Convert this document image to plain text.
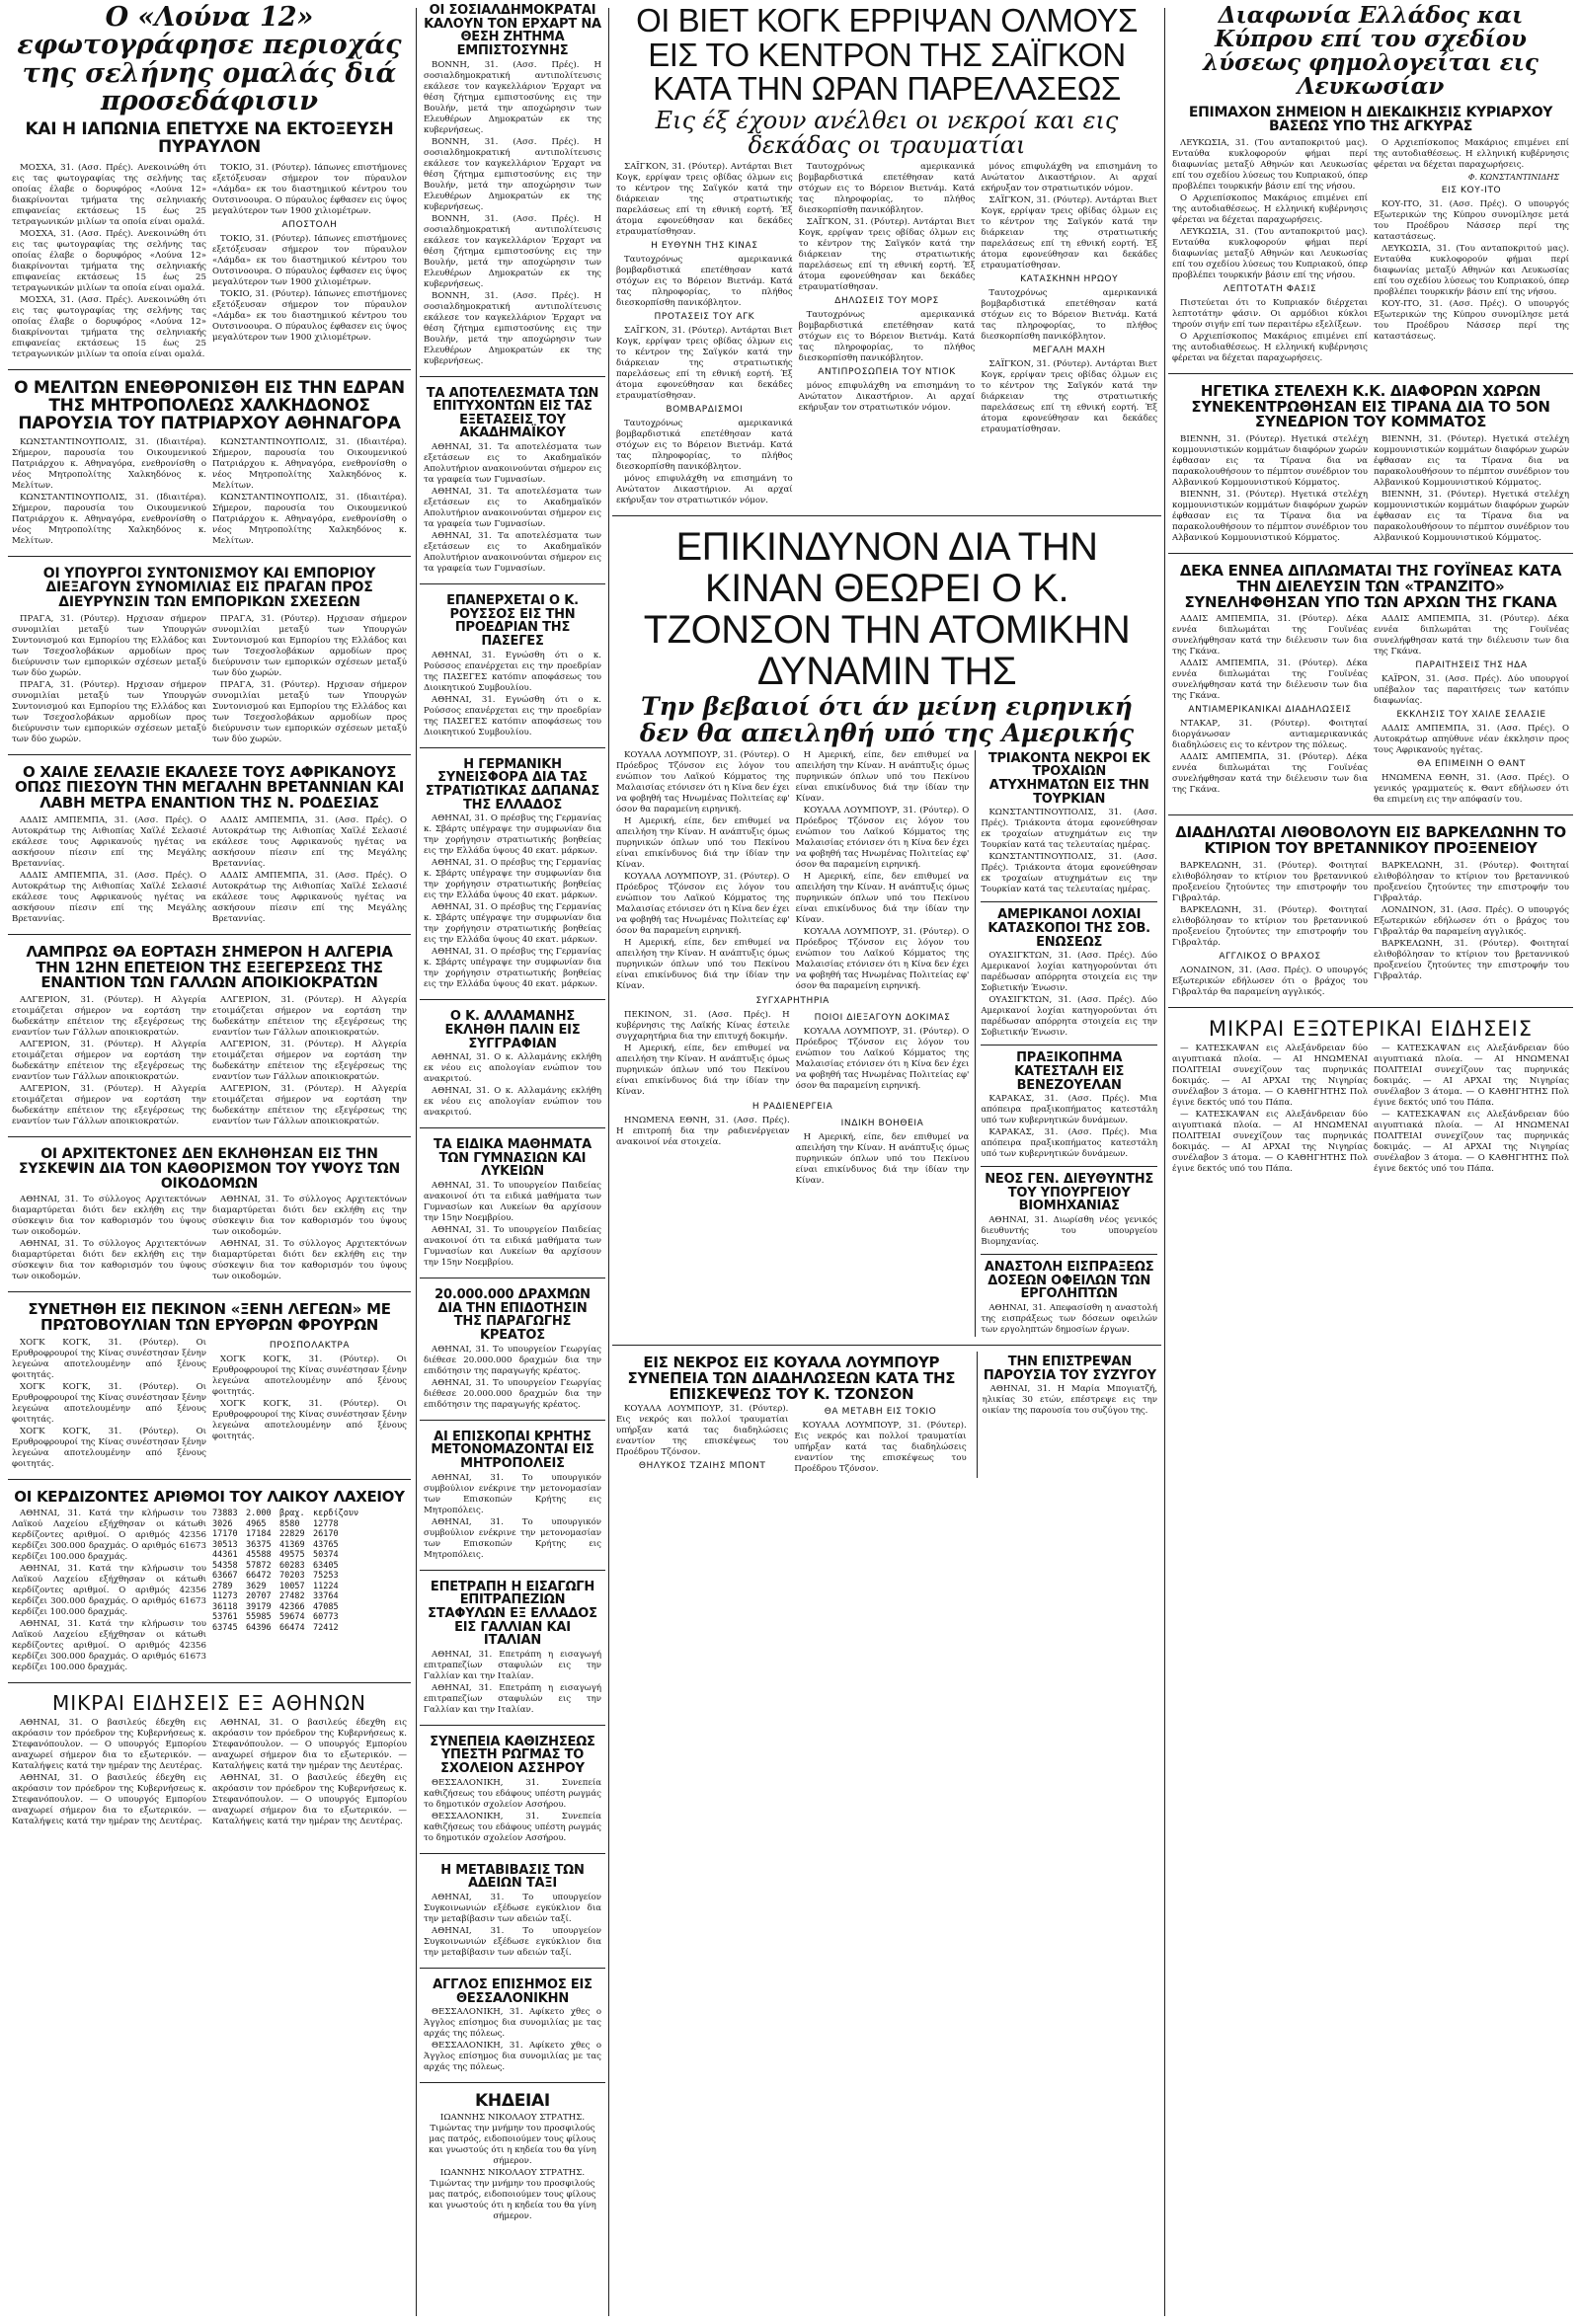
Ο «Λούνα 12» εφωτογράφησε περιοχάς της σελήνης ομαλάς διά προσεδάφισιν
ΚΑΙ Η ΙΑΠΩΝΙΑ ΕΠΕΤΥΧΕ ΝΑ ΕΚΤΟΞΕΥΣΗ ΠΥΡΑΥΛΟΝ

ΜΟΣΧΑ, 31. (Ασσ. Πρές). Ανεκοινώθη ότι εις τας φωτογραφίας της σελήνης τας οποίας έλαβε ο δορυφόρος «Λούνα 12» διακρίνονται τμήματα της σεληνιακής επιφανείας εκτάσεως 15 έως 25 τετραγωνικών μιλίων τα οποία είναι ομαλά.

ΜΟΣΧΑ, 31. (Ασσ. Πρές). Ανεκοινώθη ότι εις τας φωτογραφίας της σελήνης τας οποίας έλαβε ο δορυφόρος «Λούνα 12» διακρίνονται τμήματα της σεληνιακής επιφανείας εκτάσεως 15 έως 25 τετραγωνικών μιλίων τα οποία είναι ομαλά.

ΜΟΣΧΑ, 31. (Ασσ. Πρές). Ανεκοινώθη ότι εις τας φωτογραφίας της σελήνης τας οποίας έλαβε ο δορυφόρος «Λούνα 12» διακρίνονται τμήματα της σεληνιακής επιφανείας εκτάσεως 15 έως 25 τετραγωνικών μιλίων τα οποία είναι ομαλά.

ΤΟΚΙΟ, 31. (Ρόυτερ). Ιάπωνες επιστήμονες εξετόξευσαν σήμερον τον πύραυλον «Λάμδα» εκ του διαστημικού κέντρου του Ουτσινοουρα. Ο πύραυλος έφθασεν εις ύψος μεγαλύτερον των 1900 χιλιομέτρων.

ΑΠΟΣΤΟΛΗ

ΤΟΚΙΟ, 31. (Ρόυτερ). Ιάπωνες επιστήμονες εξετόξευσαν σήμερον τον πύραυλον «Λάμδα» εκ του διαστημικού κέντρου του Ουτσινοουρα. Ο πύραυλος έφθασεν εις ύψος μεγαλύτερον των 1900 χιλιομέτρων.

ΤΟΚΙΟ, 31. (Ρόυτερ). Ιάπωνες επιστήμονες εξετόξευσαν σήμερον τον πύραυλον «Λάμδα» εκ του διαστημικού κέντρου του Ουτσινοουρα. Ο πύραυλος έφθασεν εις ύψος μεγαλύτερον των 1900 χιλιομέτρων.

Ο ΜΕΛΙΤΩΝ ΕΝΕΘΡΟΝΙΣΘΗ ΕΙΣ ΤΗΝ ΕΔΡΑΝ ΤΗΣ ΜΗΤΡΟΠΟΛΕΩΣ ΧΑΛΚΗΔΟΝΟΣ ΠΑΡΟΥΣΙΑ ΤΟΥ ΠΑΤΡΙΑΡΧΟΥ ΑΘΗΝΑΓΟΡΑ

ΚΩΝΣΤΑΝΤΙΝΟΥΠΟΛΙΣ, 31. (Ιδιαιτέρα). Σήμερον, παρουσία του Οικουμενικού Πατριάρχου κ. Αθηναγόρα, ενεθρονίσθη ο νέος Μητροπολίτης Χαλκηδόνος κ. Μελίτων.

ΚΩΝΣΤΑΝΤΙΝΟΥΠΟΛΙΣ, 31. (Ιδιαιτέρα). Σήμερον, παρουσία του Οικουμενικού Πατριάρχου κ. Αθηναγόρα, ενεθρονίσθη ο νέος Μητροπολίτης Χαλκηδόνος κ. Μελίτων.

ΚΩΝΣΤΑΝΤΙΝΟΥΠΟΛΙΣ, 31. (Ιδιαιτέρα). Σήμερον, παρουσία του Οικουμενικού Πατριάρχου κ. Αθηναγόρα, ενεθρονίσθη ο νέος Μητροπολίτης Χαλκηδόνος κ. Μελίτων.

ΚΩΝΣΤΑΝΤΙΝΟΥΠΟΛΙΣ, 31. (Ιδιαιτέρα). Σήμερον, παρουσία του Οικουμενικού Πατριάρχου κ. Αθηναγόρα, ενεθρονίσθη ο νέος Μητροπολίτης Χαλκηδόνος κ. Μελίτων.

ΟΙ ΥΠΟΥΡΓΟΙ ΣΥΝΤΟΝΙΣΜΟΥ ΚΑΙ ΕΜΠΟΡΙΟΥ ΔΙΕΞΑΓΟΥΝ ΣΥΝΟΜΙΛΙΑΣ ΕΙΣ ΠΡΑΓΑΝ ΠΡΟΣ ΔΙΕΥΡΥΝΣΙΝ ΤΩΝ ΕΜΠΟΡΙΚΩΝ ΣΧΕΣΕΩΝ

ΠΡΑΓΑ, 31. (Ρόυτερ). Ηρχισαν σήμερον συνομιλίαι μεταξύ των Υπουργών Συντονισμού και Εμπορίου της Ελλάδος και των Τσεχοσλοβάκων αρμοδίων προς διεύρυνσιν των εμπορικών σχέσεων μεταξύ των δύο χωρών.

ΠΡΑΓΑ, 31. (Ρόυτερ). Ηρχισαν σήμερον συνομιλίαι μεταξύ των Υπουργών Συντονισμού και Εμπορίου της Ελλάδος και των Τσεχοσλοβάκων αρμοδίων προς διεύρυνσιν των εμπορικών σχέσεων μεταξύ των δύο χωρών.

ΠΡΑΓΑ, 31. (Ρόυτερ). Ηρχισαν σήμερον συνομιλίαι μεταξύ των Υπουργών Συντονισμού και Εμπορίου της Ελλάδος και των Τσεχοσλοβάκων αρμοδίων προς διεύρυνσιν των εμπορικών σχέσεων μεταξύ των δύο χωρών.

ΠΡΑΓΑ, 31. (Ρόυτερ). Ηρχισαν σήμερον συνομιλίαι μεταξύ των Υπουργών Συντονισμού και Εμπορίου της Ελλάδος και των Τσεχοσλοβάκων αρμοδίων προς διεύρυνσιν των εμπορικών σχέσεων μεταξύ των δύο χωρών.

Ο ΧΑΙΛΕ ΣΕΛΑΣΙΕ ΕΚΑΛΕΣΕ ΤΟΥΣ ΑΦΡΙΚΑΝΟΥΣ ΟΠΩΣ ΠΙΕΣΟΥΝ ΤΗΝ ΜΕΓΑΛΗΝ ΒΡΕΤΑΝΝΙΑΝ ΚΑΙ ΛΑΒΗ ΜΕΤΡΑ ΕΝΑΝΤΙΟΝ ΤΗΣ Ν. ΡΟΔΕΣΙΑΣ

ΑΔΔΙΣ ΑΜΠΕΜΠΑ, 31. (Ασσ. Πρές). Ο Αυτοκράτωρ της Αιθιοπίας Χαϊλέ Σελασιέ εκάλεσε τους Αφρικανούς ηγέτας να ασκήσουν πίεσιν επί της Μεγάλης Βρεταννίας.

ΑΔΔΙΣ ΑΜΠΕΜΠΑ, 31. (Ασσ. Πρές). Ο Αυτοκράτωρ της Αιθιοπίας Χαϊλέ Σελασιέ εκάλεσε τους Αφρικανούς ηγέτας να ασκήσουν πίεσιν επί της Μεγάλης Βρεταννίας.

ΑΔΔΙΣ ΑΜΠΕΜΠΑ, 31. (Ασσ. Πρές). Ο Αυτοκράτωρ της Αιθιοπίας Χαϊλέ Σελασιέ εκάλεσε τους Αφρικανούς ηγέτας να ασκήσουν πίεσιν επί της Μεγάλης Βρεταννίας.

ΑΔΔΙΣ ΑΜΠΕΜΠΑ, 31. (Ασσ. Πρές). Ο Αυτοκράτωρ της Αιθιοπίας Χαϊλέ Σελασιέ εκάλεσε τους Αφρικανούς ηγέτας να ασκήσουν πίεσιν επί της Μεγάλης Βρεταννίας.

ΛΑΜΠΡΩΣ ΘΑ ΕΟΡΤΑΣΗ ΣΗΜΕΡΟΝ Η ΑΛΓΕΡΙΑ ΤΗΝ 12ΗΝ ΕΠΕΤΕΙΟΝ ΤΗΣ ΕΞΕΓΕΡΣΕΩΣ ΤΗΣ ΕΝΑΝΤΙΟΝ ΤΩΝ ΓΑΛΛΩΝ ΑΠΟΙΚΙΟΚΡΑΤΩΝ

ΑΛΓΕΡΙΟΝ, 31. (Ρόυτερ). Η Αλγερία ετοιμάζεται σήμερον να εορτάση την δωδεκάτην επέτειον της εξεγέρσεως της εναντίον των Γάλλων αποικιοκρατών.

ΑΛΓΕΡΙΟΝ, 31. (Ρόυτερ). Η Αλγερία ετοιμάζεται σήμερον να εορτάση την δωδεκάτην επέτειον της εξεγέρσεως της εναντίον των Γάλλων αποικιοκρατών.

ΑΛΓΕΡΙΟΝ, 31. (Ρόυτερ). Η Αλγερία ετοιμάζεται σήμερον να εορτάση την δωδεκάτην επέτειον της εξεγέρσεως της εναντίον των Γάλλων αποικιοκρατών.

ΑΛΓΕΡΙΟΝ, 31. (Ρόυτερ). Η Αλγερία ετοιμάζεται σήμερον να εορτάση την δωδεκάτην επέτειον της εξεγέρσεως της εναντίον των Γάλλων αποικιοκρατών.

ΑΛΓΕΡΙΟΝ, 31. (Ρόυτερ). Η Αλγερία ετοιμάζεται σήμερον να εορτάση την δωδεκάτην επέτειον της εξεγέρσεως της εναντίον των Γάλλων αποικιοκρατών.

ΑΛΓΕΡΙΟΝ, 31. (Ρόυτερ). Η Αλγερία ετοιμάζεται σήμερον να εορτάση την δωδεκάτην επέτειον της εξεγέρσεως της εναντίον των Γάλλων αποικιοκρατών.

ΟΙ ΑΡΧΙΤΕΚΤΟΝΕΣ ΔΕΝ ΕΚΛΗΘΗΣΑΝ ΕΙΣ ΤΗΝ ΣΥΣΚΕΨΙΝ ΔΙΑ ΤΟΝ ΚΑΘΟΡΙΣΜΟΝ ΤΟΥ ΥΨΟΥΣ ΤΩΝ ΟΙΚΟΔΟΜΩΝ

ΑΘΗΝΑΙ, 31. Το σύλλογος Αρχιτεκτόνων διαμαρτύρεται διότι δεν εκλήθη εις την σύσκεψιν δια τον καθορισμόν του ύψους των οικοδομών.

ΑΘΗΝΑΙ, 31. Το σύλλογος Αρχιτεκτόνων διαμαρτύρεται διότι δεν εκλήθη εις την σύσκεψιν δια τον καθορισμόν του ύψους των οικοδομών.

ΑΘΗΝΑΙ, 31. Το σύλλογος Αρχιτεκτόνων διαμαρτύρεται διότι δεν εκλήθη εις την σύσκεψιν δια τον καθορισμόν του ύψους των οικοδομών.

ΑΘΗΝΑΙ, 31. Το σύλλογος Αρχιτεκτόνων διαμαρτύρεται διότι δεν εκλήθη εις την σύσκεψιν δια τον καθορισμόν του ύψους των οικοδομών.

ΣΥΝΕΤΗΘΗ ΕΙΣ ΠΕΚΙΝΟΝ «ΞΕΝΗ ΛΕΓΕΩΝ» ΜΕ ΠΡΩΤΟΒΟΥΛΙΑΝ ΤΩΝ ΕΡΥΘΡΩΝ ΦΡΟΥΡΩΝ

ΧΟΓΚ ΚΟΓΚ, 31. (Ρόυτερ). Οι Ερυθροφρουροί της Κίνας συνέστησαν ξένην λεγεώνα αποτελουμένην από ξένους φοιτητάς.

ΧΟΓΚ ΚΟΓΚ, 31. (Ρόυτερ). Οι Ερυθροφρουροί της Κίνας συνέστησαν ξένην λεγεώνα αποτελουμένην από ξένους φοιτητάς.

ΧΟΓΚ ΚΟΓΚ, 31. (Ρόυτερ). Οι Ερυθροφρουροί της Κίνας συνέστησαν ξένην λεγεώνα αποτελουμένην από ξένους φοιτητάς.

ΠΡΟΣΠΟΛΑΚΤΡΑ

ΧΟΓΚ ΚΟΓΚ, 31. (Ρόυτερ). Οι Ερυθροφρουροί της Κίνας συνέστησαν ξένην λεγεώνα αποτελουμένην από ξένους φοιτητάς.

ΧΟΓΚ ΚΟΓΚ, 31. (Ρόυτερ). Οι Ερυθροφρουροί της Κίνας συνέστησαν ξένην λεγεώνα αποτελουμένην από ξένους φοιτητάς.

ΟΙ ΚΕΡΔΙΖΟΝΤΕΣ ΑΡΙΘΜΟΙ ΤΟΥ ΛΑΙΚΟΥ ΛΑΧΕΙΟΥ

ΑΘΗΝΑΙ, 31. Κατά την κλήρωσιν του Λαϊκού Λαχείου εξήχθησαν οι κάτωθι κερδίζοντες αριθμοί. Ο αριθμός 42356 κερδίζει 300.000 δραχμάς. Ο αριθμός 61673 κερδίζει 100.000 δραχμάς.

ΑΘΗΝΑΙ, 31. Κατά την κλήρωσιν του Λαϊκού Λαχείου εξήχθησαν οι κάτωθι κερδίζοντες αριθμοί. Ο αριθμός 42356 κερδίζει 300.000 δραχμάς. Ο αριθμός 61673 κερδίζει 100.000 δραχμάς.

ΑΘΗΝΑΙ, 31. Κατά την κλήρωσιν του Λαϊκού Λαχείου εξήχθησαν οι κάτωθι κερδίζοντες αριθμοί. Ο αριθμός 42356 κερδίζει 300.000 δραχμάς. Ο αριθμός 61673 κερδίζει 100.000 δραχμάς.

73883 2.000 βραχ. κερδίζουν
3026 4965 8580 12778
17170 17184 22829 26170
30513 36375 41369 43765
44361 45588 49575 50374
54358 57872 60283 63405
63667 66472 70203 75253
2789 3629 10057 11224
11273 20707 27482 33764
36118 39179 42366 47085
53761 55985 59674 60773
63745 64396 66474 72412
ΜΙΚΡΑΙ ΕΙΔΗΣΕΙΣ ΕΞ ΑΘΗΝΩΝ

ΑΘΗΝΑΙ, 31. Ο βασιλεύς έδεχθη εις ακρόασιν τον πρόεδρον της Κυβερνήσεως κ. Στεφανόπουλον. — Ο υπουργός Εμπορίου αναχωρεί σήμερον δια το εξωτερικόν. — Καταλήψεις κατά την ημέραν της Δευτέρας.

ΑΘΗΝΑΙ, 31. Ο βασιλεύς έδεχθη εις ακρόασιν τον πρόεδρον της Κυβερνήσεως κ. Στεφανόπουλον. — Ο υπουργός Εμπορίου αναχωρεί σήμερον δια το εξωτερικόν. — Καταλήψεις κατά την ημέραν της Δευτέρας.

ΑΘΗΝΑΙ, 31. Ο βασιλεύς έδεχθη εις ακρόασιν τον πρόεδρον της Κυβερνήσεως κ. Στεφανόπουλον. — Ο υπουργός Εμπορίου αναχωρεί σήμερον δια το εξωτερικόν. — Καταλήψεις κατά την ημέραν της Δευτέρας.

ΑΘΗΝΑΙ, 31. Ο βασιλεύς έδεχθη εις ακρόασιν τον πρόεδρον της Κυβερνήσεως κ. Στεφανόπουλον. — Ο υπουργός Εμπορίου αναχωρεί σήμερον δια το εξωτερικόν. — Καταλήψεις κατά την ημέραν της Δευτέρας.

ΟΙ ΣΟΣΙΑΛΔΗΜΟΚΡΑΤΑΙ ΚΑΛΟΥΝ ΤΟΝ ΕΡΧΑΡΤ ΝΑ ΘΕΣΗ ΖΗΤΗΜΑ ΕΜΠΙΣΤΟΣΥΝΗΣ

ΒΟΝΝΗ, 31. (Ασσ. Πρές). Η σοσιαλδημοκρατική αντιπολίτευσις εκάλεσε τον καγκελλάριον Έρχαρτ να θέση ζήτημα εμπιστοσύνης εις την Βουλήν, μετά την αποχώρησιν των Ελευθέρων Δημοκρατών εκ της κυβερνήσεως.

ΒΟΝΝΗ, 31. (Ασσ. Πρές). Η σοσιαλδημοκρατική αντιπολίτευσις εκάλεσε τον καγκελλάριον Έρχαρτ να θέση ζήτημα εμπιστοσύνης εις την Βουλήν, μετά την αποχώρησιν των Ελευθέρων Δημοκρατών εκ της κυβερνήσεως.

ΒΟΝΝΗ, 31. (Ασσ. Πρές). Η σοσιαλδημοκρατική αντιπολίτευσις εκάλεσε τον καγκελλάριον Έρχαρτ να θέση ζήτημα εμπιστοσύνης εις την Βουλήν, μετά την αποχώρησιν των Ελευθέρων Δημοκρατών εκ της κυβερνήσεως.

ΒΟΝΝΗ, 31. (Ασσ. Πρές). Η σοσιαλδημοκρατική αντιπολίτευσις εκάλεσε τον καγκελλάριον Έρχαρτ να θέση ζήτημα εμπιστοσύνης εις την Βουλήν, μετά την αποχώρησιν των Ελευθέρων Δημοκρατών εκ της κυβερνήσεως.

ΤΑ ΑΠΟΤΕΛΕΣΜΑΤΑ ΤΩΝ ΕΠΙΤΥΧΟΝΤΩΝ ΕΙΣ ΤΑΣ ΕΞΕΤΑΣΕΙΣ ΤΟΥ ΑΚΑΔΗΜΑΪΚΟΥ

ΑΘΗΝΑΙ, 31. Τα αποτελέσματα των εξετάσεων εις το Ακαδημαϊκόν Απολυτήριον ανακοινούνται σήμερον εις τα γραφεία των Γυμνασίων.

ΑΘΗΝΑΙ, 31. Τα αποτελέσματα των εξετάσεων εις το Ακαδημαϊκόν Απολυτήριον ανακοινούνται σήμερον εις τα γραφεία των Γυμνασίων.

ΑΘΗΝΑΙ, 31. Τα αποτελέσματα των εξετάσεων εις το Ακαδημαϊκόν Απολυτήριον ανακοινούνται σήμερον εις τα γραφεία των Γυμνασίων.

ΕΠΑΝΕΡΧΕΤΑΙ Ο Κ. ΡΟΥΣΣΟΣ ΕΙΣ ΤΗΝ ΠΡΟΕΔΡΙΑΝ ΤΗΣ ΠΑΣΕΓΕΣ

ΑΘΗΝΑΙ, 31. Εγνώσθη ότι ο κ. Ρούσσος επανέρχεται εις την προεδρίαν της ΠΑΣΕΓΕΣ κατόπιν αποφάσεως του Διοικητικού Συμβουλίου.

ΑΘΗΝΑΙ, 31. Εγνώσθη ότι ο κ. Ρούσσος επανέρχεται εις την προεδρίαν της ΠΑΣΕΓΕΣ κατόπιν αποφάσεως του Διοικητικού Συμβουλίου.

Η ΓΕΡΜΑΝΙΚΗ ΣΥΝΕΙΣΦΟΡΑ ΔΙΑ ΤΑΣ ΣΤΡΑΤΙΩΤΙΚΑΣ ΔΑΠΑΝΑΣ ΤΗΣ ΕΛΛΑΔΟΣ

ΑΘΗΝΑΙ, 31. Ο πρέσβυς της Γερμανίας κ. Σβάρτς υπέγραψε την συμφωνίαν δια την χορήγησιν στρατιωτικής βοηθείας εις την Ελλάδα ύψους 40 εκατ. μάρκων.

ΑΘΗΝΑΙ, 31. Ο πρέσβυς της Γερμανίας κ. Σβάρτς υπέγραψε την συμφωνίαν δια την χορήγησιν στρατιωτικής βοηθείας εις την Ελλάδα ύψους 40 εκατ. μάρκων.

ΑΘΗΝΑΙ, 31. Ο πρέσβυς της Γερμανίας κ. Σβάρτς υπέγραψε την συμφωνίαν δια την χορήγησιν στρατιωτικής βοηθείας εις την Ελλάδα ύψους 40 εκατ. μάρκων.

ΑΘΗΝΑΙ, 31. Ο πρέσβυς της Γερμανίας κ. Σβάρτς υπέγραψε την συμφωνίαν δια την χορήγησιν στρατιωτικής βοηθείας εις την Ελλάδα ύψους 40 εκατ. μάρκων.

Ο Κ. ΑΛΛΑΜΑΝΗΣ ΕΚΛΗΘΗ ΠΑΛΙΝ ΕΙΣ ΣΥΓΓΡΑΦΙΑΝ

ΑΘΗΝΑΙ, 31. Ο κ. Αλλαμάνης εκλήθη εκ νέου εις απολογίαν ενώπιον του ανακριτού.

ΑΘΗΝΑΙ, 31. Ο κ. Αλλαμάνης εκλήθη εκ νέου εις απολογίαν ενώπιον του ανακριτού.

ΤΑ ΕΙΔΙΚΑ ΜΑΘΗΜΑΤΑ ΤΩΝ ΓΥΜΝΑΣΙΩΝ ΚΑΙ ΛΥΚΕΙΩΝ

ΑΘΗΝΑΙ, 31. Το υπουργείον Παιδείας ανακοινοί ότι τα ειδικά μαθήματα των Γυμνασίων και Λυκείων θα αρχίσουν την 15ην Νοεμβρίου.

ΑΘΗΝΑΙ, 31. Το υπουργείον Παιδείας ανακοινοί ότι τα ειδικά μαθήματα των Γυμνασίων και Λυκείων θα αρχίσουν την 15ην Νοεμβρίου.

20.000.000 ΔΡΑΧΜΩΝ ΔΙΑ ΤΗΝ ΕΠΙΔΟΤΗΣΙΝ ΤΗΣ ΠΑΡΑΓΩΓΗΣ ΚΡΕΑΤΟΣ

ΑΘΗΝΑΙ, 31. Το υπουργείον Γεωργίας διέθεσε 20.000.000 δραχμών δια την επιδότησιν της παραγωγής κρέατος.

ΑΘΗΝΑΙ, 31. Το υπουργείον Γεωργίας διέθεσε 20.000.000 δραχμών δια την επιδότησιν της παραγωγής κρέατος.

ΑΙ ΕΠΙΣΚΟΠΑΙ ΚΡΗΤΗΣ ΜΕΤΟΝΟΜΑΖΟΝΤΑΙ ΕΙΣ ΜΗΤΡΟΠΟΛΕΙΣ

ΑΘΗΝΑΙ, 31. Το υπουργικόν συμβούλιον ενέκρινε την μετονομασίαν των Επισκοπών Κρήτης εις Μητροπόλεις.

ΑΘΗΝΑΙ, 31. Το υπουργικόν συμβούλιον ενέκρινε την μετονομασίαν των Επισκοπών Κρήτης εις Μητροπόλεις.

ΕΠΕΤΡΑΠΗ Η ΕΙΣΑΓΩΓΗ ΕΠΙΤΡΑΠΕΖΙΩΝ ΣΤΑΦΥΛΩΝ ΕΞ ΕΛΛΑΔΟΣ ΕΙΣ ΓΑΛΛΙΑΝ ΚΑΙ ΙΤΑΛΙΑΝ

ΑΘΗΝΑΙ, 31. Επετράπη η εισαγωγή επιτραπεζίων σταφυλών εις την Γαλλίαν και την Ιταλίαν.

ΑΘΗΝΑΙ, 31. Επετράπη η εισαγωγή επιτραπεζίων σταφυλών εις την Γαλλίαν και την Ιταλίαν.

ΣΥΝΕΠΕΙΑ ΚΑΘΙΖΗΣΕΩΣ ΥΠΕΣΤΗ ΡΩΓΜΑΣ ΤΟ ΣΧΟΛΕΙΟΝ ΑΣΣΗΡΟΥ

ΘΕΣΣΑΛΟΝΙΚΗ, 31. Συνεπεία καθιζήσεως του εδάφους υπέστη ρωγμάς το δημοτικόν σχολείον Ασσήρου.

ΘΕΣΣΑΛΟΝΙΚΗ, 31. Συνεπεία καθιζήσεως του εδάφους υπέστη ρωγμάς το δημοτικόν σχολείον Ασσήρου.

Η ΜΕΤΑΒΙΒΑΣΙΣ ΤΩΝ ΑΔΕΙΩΝ ΤΑΞΙ

ΑΘΗΝΑΙ, 31. Το υπουργείον Συγκοινωνιών εξέδωσε εγκύκλιον δια την μεταβίβασιν των αδειών ταξί.

ΑΘΗΝΑΙ, 31. Το υπουργείον Συγκοινωνιών εξέδωσε εγκύκλιον δια την μεταβίβασιν των αδειών ταξί.

ΑΓΓΛΟΣ ΕΠΙΣΗΜΟΣ ΕΙΣ ΘΕΣΣΑΛΟΝΙΚΗΝ

ΘΕΣΣΑΛΟΝΙΚΗ, 31. Αφίκετο χθες ο Άγγλος επίσημος δια συνομιλίας με τας αρχάς της πόλεως.

ΘΕΣΣΑΛΟΝΙΚΗ, 31. Αφίκετο χθες ο Άγγλος επίσημος δια συνομιλίας με τας αρχάς της πόλεως.

ΚΗΔΕΙΑΙ

ΙΩΑΝΝΗΣ ΝΙΚΟΛΑΟΥ ΣΤΡΑΤΗΣ. Τιμώντας την μνήμην του προσφιλούς μας πατρός, ειδοποιούμεν τους φίλους και γνωστούς ότι η κηδεία του θα γίνη σήμερον.

ΙΩΑΝΝΗΣ ΝΙΚΟΛΑΟΥ ΣΤΡΑΤΗΣ. Τιμώντας την μνήμην του προσφιλούς μας πατρός, ειδοποιούμεν τους φίλους και γνωστούς ότι η κηδεία του θα γίνη σήμερον.

ΟΙ ΒΙΕΤ ΚΟΓΚ ΕΡΡΙΨΑΝ ΟΛΜΟΥΣ ΕΙΣ ΤΟ ΚΕΝΤΡΟΝ ΤΗΣ ΣΑΪΓΚΟΝ ΚΑΤΑ ΤΗΝ ΩΡΑΝ ΠΑΡΕΛΑΣΕΩΣ
Εις έξ έχουν ανέλθει οι νεκροί και εις δεκάδας οι τραυματίαι

ΣΑΪΓΚΟΝ, 31. (Ρόυτερ). Αντάρται Βιετ Κογκ, ερρίψαν τρεις οβίδας όλμων εις το κέντρον της Σαϊγκόν κατά την διάρκειαν της στρατιωτικής παρελάσεως επί τη εθνική εορτή. Έξ άτομα εφονεύθησαν και δεκάδες ετραυματίσθησαν.

Η ΕΥΘΥΝΗ ΤΗΣ ΚΙΝΑΣ

Ταυτοχρόνως αμερικανικά βομβαρδιστικά επετέθησαν κατά στόχων εις το Βόρειον Βιετνάμ. Κατά τας πληροφορίας, το πλήθος διεσκορπίσθη πανικόβλητον.

ΠΡΟΤΑΣΕΙΣ ΤΟΥ ΑΓΚ

ΣΑΪΓΚΟΝ, 31. (Ρόυτερ). Αντάρται Βιετ Κογκ, ερρίψαν τρεις οβίδας όλμων εις το κέντρον της Σαϊγκόν κατά την διάρκειαν της στρατιωτικής παρελάσεως επί τη εθνική εορτή. Έξ άτομα εφονεύθησαν και δεκάδες ετραυματίσθησαν.

ΒΟΜΒΑΡΔΙΣΜΟΙ

Ταυτοχρόνως αμερικανικά βομβαρδιστικά επετέθησαν κατά στόχων εις το Βόρειον Βιετνάμ. Κατά τας πληροφορίας, το πλήθος διεσκορπίσθη πανικόβλητον.

μόνος επιφυλάχθη να επισημάνη το Ανώτατον Δικαστήριον. Αι αρχαί εκήρυξαν τον στρατιωτικόν νόμον.

Ταυτοχρόνως αμερικανικά βομβαρδιστικά επετέθησαν κατά στόχων εις το Βόρειον Βιετνάμ. Κατά τας πληροφορίας, το πλήθος διεσκορπίσθη πανικόβλητον.

ΣΑΪΓΚΟΝ, 31. (Ρόυτερ). Αντάρται Βιετ Κογκ, ερρίψαν τρεις οβίδας όλμων εις το κέντρον της Σαϊγκόν κατά την διάρκειαν της στρατιωτικής παρελάσεως επί τη εθνική εορτή. Έξ άτομα εφονεύθησαν και δεκάδες ετραυματίσθησαν.

ΔΗΛΩΣΕΙΣ ΤΟΥ ΜΟΡΣ

Ταυτοχρόνως αμερικανικά βομβαρδιστικά επετέθησαν κατά στόχων εις το Βόρειον Βιετνάμ. Κατά τας πληροφορίας, το πλήθος διεσκορπίσθη πανικόβλητον.

ΑΝΤΙΠΡΟΣΩΠΕΙΑ ΤΟΥ ΝΤΙΟΚ

μόνος επιφυλάχθη να επισημάνη το Ανώτατον Δικαστήριον. Αι αρχαί εκήρυξαν τον στρατιωτικόν νόμον.

μόνος επιφυλάχθη να επισημάνη το Ανώτατον Δικαστήριον. Αι αρχαί εκήρυξαν τον στρατιωτικόν νόμον.

ΣΑΪΓΚΟΝ, 31. (Ρόυτερ). Αντάρται Βιετ Κογκ, ερρίψαν τρεις οβίδας όλμων εις το κέντρον της Σαϊγκόν κατά την διάρκειαν της στρατιωτικής παρελάσεως επί τη εθνική εορτή. Έξ άτομα εφονεύθησαν και δεκάδες ετραυματίσθησαν.

ΚΑΤΑΣΚΗΝΗ ΗΡΩΟΥ

Ταυτοχρόνως αμερικανικά βομβαρδιστικά επετέθησαν κατά στόχων εις το Βόρειον Βιετνάμ. Κατά τας πληροφορίας, το πλήθος διεσκορπίσθη πανικόβλητον.

ΜΕΓΑΛΗ ΜΑΧΗ

ΣΑΪΓΚΟΝ, 31. (Ρόυτερ). Αντάρται Βιετ Κογκ, ερρίψαν τρεις οβίδας όλμων εις το κέντρον της Σαϊγκόν κατά την διάρκειαν της στρατιωτικής παρελάσεως επί τη εθνική εορτή. Έξ άτομα εφονεύθησαν και δεκάδες ετραυματίσθησαν.

ΕΠΙΚΙΝΔΥΝΟΝ ΔΙΑ ΤΗΝ ΚΙΝΑΝ ΘΕΩΡΕΙ Ο Κ. ΤΖΟΝΣΟΝ ΤΗΝ ΑΤΟΜΙΚΗΝ ΔΥΝΑΜΙΝ ΤΗΣ
Την βεβαιοί ότι άν μείνη ειρηνική δεν θα απειληθή υπό της Αμερικής

ΚΟΥΑΛΑ ΛΟΥΜΠΟΥΡ, 31. (Ρόυτερ). Ο Πρόεδρος Τζόνσον εις λόγον του ενώπιον του Λαϊκού Κόμματος της Μαλαισίας ετόνισεν ότι η Κίνα δεν έχει να φοβηθή τας Ηνωμένας Πολιτείας εφ' όσον θα παραμείνη ειρηνική.

Η Αμερική, είπε, δεν επιθυμεί να απειλήση την Κίναν. Η ανάπτυξις όμως πυρηνικών όπλων υπό του Πεκίνου είναι επικίνδυνος διά την ίδίαν την Κίναν.

ΚΟΥΑΛΑ ΛΟΥΜΠΟΥΡ, 31. (Ρόυτερ). Ο Πρόεδρος Τζόνσον εις λόγον του ενώπιον του Λαϊκού Κόμματος της Μαλαισίας ετόνισεν ότι η Κίνα δεν έχει να φοβηθή τας Ηνωμένας Πολιτείας εφ' όσον θα παραμείνη ειρηνική.

Η Αμερική, είπε, δεν επιθυμεί να απειλήση την Κίναν. Η ανάπτυξις όμως πυρηνικών όπλων υπό του Πεκίνου είναι επικίνδυνος διά την ίδίαν την Κίναν.

Η Αμερική, είπε, δεν επιθυμεί να απειλήση την Κίναν. Η ανάπτυξις όμως πυρηνικών όπλων υπό του Πεκίνου είναι επικίνδυνος διά την ίδίαν την Κίναν.

ΚΟΥΑΛΑ ΛΟΥΜΠΟΥΡ, 31. (Ρόυτερ). Ο Πρόεδρος Τζόνσον εις λόγον του ενώπιον του Λαϊκού Κόμματος της Μαλαισίας ετόνισεν ότι η Κίνα δεν έχει να φοβηθή τας Ηνωμένας Πολιτείας εφ' όσον θα παραμείνη ειρηνική.

Η Αμερική, είπε, δεν επιθυμεί να απειλήση την Κίναν. Η ανάπτυξις όμως πυρηνικών όπλων υπό του Πεκίνου είναι επικίνδυνος διά την ίδίαν την Κίναν.

ΚΟΥΑΛΑ ΛΟΥΜΠΟΥΡ, 31. (Ρόυτερ). Ο Πρόεδρος Τζόνσον εις λόγον του ενώπιον του Λαϊκού Κόμματος της Μαλαισίας ετόνισεν ότι η Κίνα δεν έχει να φοβηθή τας Ηνωμένας Πολιτείας εφ' όσον θα παραμείνη ειρηνική.

ΣΥΓΧΑΡΗΤΗΡΙΑ

ΠΕΚΙΝΟΝ, 31. (Ασσ. Πρές). Η κυβέρνησις της Λαϊκής Κίνας έστειλε συγχαρητήρια δια την επιτυχή δοκιμήν.

Η Αμερική, είπε, δεν επιθυμεί να απειλήση την Κίναν. Η ανάπτυξις όμως πυρηνικών όπλων υπό του Πεκίνου είναι επικίνδυνος διά την ίδίαν την Κίναν.

ΠΟΙΟΙ ΔΙΕΞΑΓΟΥΝ ΔΟΚΙΜΑΣ

ΚΟΥΑΛΑ ΛΟΥΜΠΟΥΡ, 31. (Ρόυτερ). Ο Πρόεδρος Τζόνσον εις λόγον του ενώπιον του Λαϊκού Κόμματος της Μαλαισίας ετόνισεν ότι η Κίνα δεν έχει να φοβηθή τας Ηνωμένας Πολιτείας εφ' όσον θα παραμείνη ειρηνική.

Η ΡΑΔΙΕΝΕΡΓΕΙΑ

ΗΝΩΜΕΝΑ ΕΘΝΗ, 31. (Ασσ. Πρές). Η επιτροπή δια την ραδιενέργειαν ανακοινοί νέα στοιχεία.

ΙΝΔΙΚΗ ΒΟΗΘΕΙΑ

Η Αμερική, είπε, δεν επιθυμεί να απειλήση την Κίναν. Η ανάπτυξις όμως πυρηνικών όπλων υπό του Πεκίνου είναι επικίνδυνος διά την ίδίαν την Κίναν.

ΤΡΙΑΚΟΝΤΑ ΝΕΚΡΟΙ ΕΚ ΤΡΟΧΑΙΩΝ ΑΤΥΧΗΜΑΤΩΝ ΕΙΣ ΤΗΝ ΤΟΥΡΚΙΑΝ

ΚΩΝΣΤΑΝΤΙΝΟΥΠΟΛΙΣ, 31. (Ασσ. Πρές). Τριάκοντα άτομα εφονεύθησαν εκ τροχαίων ατυχημάτων εις την Τουρκίαν κατά τας τελευταίας ημέρας.

ΚΩΝΣΤΑΝΤΙΝΟΥΠΟΛΙΣ, 31. (Ασσ. Πρές). Τριάκοντα άτομα εφονεύθησαν εκ τροχαίων ατυχημάτων εις την Τουρκίαν κατά τας τελευταίας ημέρας.

ΑΜΕΡΙΚΑΝΟΙ ΛΟΧΙΑΙ ΚΑΤΑΣΚΟΠΟΙ ΤΗΣ ΣΟΒ. ΕΝΩΣΕΩΣ

ΟΥΑΣΙΓΚΤΩΝ, 31. (Ασσ. Πρές). Δύο Αμερικανοί λοχίαι κατηγορούνται ότι παρέδωσαν απόρρητα στοιχεία εις την Σοβιετικήν Ένωσιν.

ΟΥΑΣΙΓΚΤΩΝ, 31. (Ασσ. Πρές). Δύο Αμερικανοί λοχίαι κατηγορούνται ότι παρέδωσαν απόρρητα στοιχεία εις την Σοβιετικήν Ένωσιν.

ΠΡΑΞΙΚΟΠΗΜΑ ΚΑΤΕΣΤΑΛΗ ΕΙΣ ΒΕΝΕΖΟΥΕΛΑΝ

ΚΑΡΑΚΑΣ, 31. (Ασσ. Πρές). Μια απόπειρα πραξικοπήματος κατεστάλη υπό των κυβερνητικών δυνάμεων.

ΚΑΡΑΚΑΣ, 31. (Ασσ. Πρές). Μια απόπειρα πραξικοπήματος κατεστάλη υπό των κυβερνητικών δυνάμεων.

ΝΕΟΣ ΓΕΝ. ΔΙΕΥΘΥΝΤΗΣ ΤΟΥ ΥΠΟΥΡΓΕΙΟΥ ΒΙΟΜΗΧΑΝΙΑΣ

ΑΘΗΝΑΙ, 31. Διωρίσθη νέος γενικός διευθυντής του υπουργείου Βιομηχανίας.

ΑΝΑΣΤΟΛΗ ΕΙΣΠΡΑΞΕΩΣ ΔΟΣΕΩΝ ΟΦΕΙΛΩΝ ΤΩΝ ΕΡΓΟΛΗΠΤΩΝ

ΑΘΗΝΑΙ, 31. Απεφασίσθη η αναστολή της εισπράξεως των δόσεων οφειλών των εργοληπτών δημοσίων έργων.

ΕΙΣ ΝΕΚΡΟΣ ΕΙΣ ΚΟΥΑΛΑ ΛΟΥΜΠΟΥΡ ΣΥΝΕΠΕΙΑ ΤΩΝ ΔΙΑΔΗΛΩΣΕΩΝ ΚΑΤΑ ΤΗΣ ΕΠΙΣΚΕΨΕΩΣ ΤΟΥ Κ. ΤΖΟΝΣΟΝ

ΚΟΥΑΛΑ ΛΟΥΜΠΟΥΡ, 31. (Ρόυτερ). Εις νεκρός και πολλοί τραυματίαι υπήρξαν κατά τας διαδηλώσεις εναντίον της επισκέψεως του Προέδρου Τζόνσον.

ΘΗΛΥΚΟΣ ΤΖΑΙΗΣ ΜΠΟΝΤ
ΘΑ ΜΕΤΑΒΗ ΕΙΣ ΤΟΚΙΟ

ΚΟΥΑΛΑ ΛΟΥΜΠΟΥΡ, 31. (Ρόυτερ). Εις νεκρός και πολλοί τραυματίαι υπήρξαν κατά τας διαδηλώσεις εναντίον της επισκέψεως του Προέδρου Τζόνσον.

ΤΗΝ ΕΠΙΣΤΡΕΨΑΝ ΠΑΡΟΥΣΙΑ ΤΟΥ ΣΥΖΥΓΟΥ

ΑΘΗΝΑΙ, 31. Η Μαρία Μπογιατζή, ηλικίας 30 ετών, επέστρεψε εις την οικίαν της παρουσία του συζύγου της.

Διαφωνία Ελλάδος και Κύπρου επί του σχεδίου λύσεως φημολογείται εις Λευκωσίαν
ΕΠΙΜΑΧΟΝ ΣΗΜΕΙΟΝ Η ΔΙΕΚΔΙΚΗΣΙΣ ΚΥΡΙΑΡΧΟΥ ΒΑΣΕΩΣ ΥΠΟ ΤΗΣ ΑΓΚΥΡΑΣ

ΛΕΥΚΩΣΙΑ, 31. (Του ανταποκριτού μας). Ενταύθα κυκλοφορούν φήμαι περί διαφωνίας μεταξύ Αθηνών και Λευκωσίας επί του σχεδίου λύσεως του Κυπριακού, όπερ προβλέπει τουρκικήν βάσιν επί της νήσου.

Ο Αρχιεπίσκοπος Μακάριος επιμένει επί της αυτοδιαθέσεως. Η ελληνική κυβέρνησις φέρεται να δέχεται παραχωρήσεις.

ΛΕΥΚΩΣΙΑ, 31. (Του ανταποκριτού μας). Ενταύθα κυκλοφορούν φήμαι περί διαφωνίας μεταξύ Αθηνών και Λευκωσίας επί του σχεδίου λύσεως του Κυπριακού, όπερ προβλέπει τουρκικήν βάσιν επί της νήσου.

ΛΕΠΤΟΤΑΤΗ ΦΑΣΙΣ

Πιστεύεται ότι το Κυπριακόν διέρχεται λεπτοτάτην φάσιν. Οι αρμόδιοι κύκλοι τηρούν σιγήν επί των περαιτέρω εξελίξεων.

Ο Αρχιεπίσκοπος Μακάριος επιμένει επί της αυτοδιαθέσεως. Η ελληνική κυβέρνησις φέρεται να δέχεται παραχωρήσεις.

Ο Αρχιεπίσκοπος Μακάριος επιμένει επί της αυτοδιαθέσεως. Η ελληνική κυβέρνησις φέρεται να δέχεται παραχωρήσεις.

Φ. ΚΩΝΣΤΑΝΤΙΝΙΔΗΣ
ΕΙΣ ΚΟΥ-ΙΤΟ

ΚΟΥ-ΙΤΟ, 31. (Ασσ. Πρές). Ο υπουργός Εξωτερικών της Κύπρου συνομίλησε μετά του Προέδρου Νάσσερ περί της καταστάσεως.

ΛΕΥΚΩΣΙΑ, 31. (Του ανταποκριτού μας). Ενταύθα κυκλοφορούν φήμαι περί διαφωνίας μεταξύ Αθηνών και Λευκωσίας επί του σχεδίου λύσεως του Κυπριακού, όπερ προβλέπει τουρκικήν βάσιν επί της νήσου.

ΚΟΥ-ΙΤΟ, 31. (Ασσ. Πρές). Ο υπουργός Εξωτερικών της Κύπρου συνομίλησε μετά του Προέδρου Νάσσερ περί της καταστάσεως.

ΗΓΕΤΙΚΑ ΣΤΕΛΕΧΗ Κ.Κ. ΔΙΑΦΟΡΩΝ ΧΩΡΩΝ ΣΥΝΕΚΕΝΤΡΩΘΗΣΑΝ ΕΙΣ ΤΙΡΑΝΑ ΔΙΑ ΤΟ 5ΟΝ ΣΥΝΕΔΡΙΟΝ ΤΟΥ ΚΟΜΜΑΤΟΣ

ΒΙΕΝΝΗ, 31. (Ρόυτερ). Ηγετικά στελέχη κομμουνιστικών κομμάτων διαφόρων χωρών έφθασαν εις τα Τίρανα δια να παρακολουθήσουν το πέμπτον συνέδριον του Αλβανικού Κομμουνιστικού Κόμματος.

ΒΙΕΝΝΗ, 31. (Ρόυτερ). Ηγετικά στελέχη κομμουνιστικών κομμάτων διαφόρων χωρών έφθασαν εις τα Τίρανα δια να παρακολουθήσουν το πέμπτον συνέδριον του Αλβανικού Κομμουνιστικού Κόμματος.

ΒΙΕΝΝΗ, 31. (Ρόυτερ). Ηγετικά στελέχη κομμουνιστικών κομμάτων διαφόρων χωρών έφθασαν εις τα Τίρανα δια να παρακολουθήσουν το πέμπτον συνέδριον του Αλβανικού Κομμουνιστικού Κόμματος.

ΒΙΕΝΝΗ, 31. (Ρόυτερ). Ηγετικά στελέχη κομμουνιστικών κομμάτων διαφόρων χωρών έφθασαν εις τα Τίρανα δια να παρακολουθήσουν το πέμπτον συνέδριον του Αλβανικού Κομμουνιστικού Κόμματος.

ΔΕΚΑ ΕΝΝΕΑ ΔΙΠΛΩΜΑΤΑΙ ΤΗΣ ΓΟΥΪΝΕΑΣ ΚΑΤΑ ΤΗΝ ΔΙΕΛΕΥΣΙΝ ΤΩΝ «ΤΡΑΝΖΙΤΟ» ΣΥΝΕΛΗΦΘΗΣΑΝ ΥΠΟ ΤΩΝ ΑΡΧΩΝ ΤΗΣ ΓΚΑΝΑ

ΑΔΔΙΣ ΑΜΠΕΜΠΑ, 31. (Ρόυτερ). Δέκα εννέα διπλωμάται της Γουϊνέας συνελήφθησαν κατά την διέλευσιν των δια της Γκάνα.

ΑΔΔΙΣ ΑΜΠΕΜΠΑ, 31. (Ρόυτερ). Δέκα εννέα διπλωμάται της Γουϊνέας συνελήφθησαν κατά την διέλευσιν των δια της Γκάνα.

ΑΝΤΙΑΜΕΡΙΚΑΝΙΚΑΙ ΔΙΑΔΗΛΩΣΕΙΣ

ΝΤΑΚΑΡ, 31. (Ρόυτερ). Φοιτηταί διοργάνωσαν αντιαμερικανικάς διαδηλώσεις εις το κέντρον της πόλεως.

ΑΔΔΙΣ ΑΜΠΕΜΠΑ, 31. (Ρόυτερ). Δέκα εννέα διπλωμάται της Γουϊνέας συνελήφθησαν κατά την διέλευσιν των δια της Γκάνα.

ΑΔΔΙΣ ΑΜΠΕΜΠΑ, 31. (Ρόυτερ). Δέκα εννέα διπλωμάται της Γουϊνέας συνελήφθησαν κατά την διέλευσιν των δια της Γκάνα.

ΠΑΡΑΙΤΗΣΕΙΣ ΤΗΣ ΗΔΑ

ΚΑΪΡΟΝ, 31. (Ασσ. Πρές). Δύο υπουργοί υπέβαλον τας παραιτήσεις των κατόπιν διαφωνίας.

ΕΚΚΛΗΣΙΣ ΤΟΥ ΧΑΙΛΕ ΣΕΛΑΣΙΕ

ΑΔΔΙΣ ΑΜΠΕΜΠΑ, 31. (Ασσ. Πρές). Ο Αυτοκράτωρ απηύθυνε νέαν έκκλησιν προς τους Αφρικανούς ηγέτας.

ΘΑ ΕΠΙΜΕΙΝΗ Ο ΘΑΝΤ

ΗΝΩΜΕΝΑ ΕΘΝΗ, 31. (Ασσ. Πρές). Ο γενικός γραμματεύς κ. Θαντ εδήλωσεν ότι θα επιμείνη εις την απόφασίν του.

ΔΙΑΔΗΛΩΤΑΙ ΛΙΘΟΒΟΛΟΥΝ ΕΙΣ ΒΑΡΚΕΛΩΝΗΝ ΤΟ ΚΤΙΡΙΟΝ ΤΟΥ ΒΡΕΤΑΝΝΙΚΟΥ ΠΡΟΞΕΝΕΙΟΥ

ΒΑΡΚΕΛΩΝΗ, 31. (Ρόυτερ). Φοιτηταί ελιθοβόλησαν το κτίριον του βρεταννικού προξενείου ζητούντες την επιστροφήν του Γιβραλτάρ.

ΒΑΡΚΕΛΩΝΗ, 31. (Ρόυτερ). Φοιτηταί ελιθοβόλησαν το κτίριον του βρεταννικού προξενείου ζητούντες την επιστροφήν του Γιβραλτάρ.

ΑΓΓΛΙΚΟΣ Ο ΒΡΑΧΟΣ

ΛΟΝΔΙΝΟΝ, 31. (Ασσ. Πρές). Ο υπουργός Εξωτερικών εδήλωσεν ότι ο βράχος του Γιβραλτάρ θα παραμείνη αγγλικός.

ΒΑΡΚΕΛΩΝΗ, 31. (Ρόυτερ). Φοιτηταί ελιθοβόλησαν το κτίριον του βρεταννικού προξενείου ζητούντες την επιστροφήν του Γιβραλτάρ.

ΛΟΝΔΙΝΟΝ, 31. (Ασσ. Πρές). Ο υπουργός Εξωτερικών εδήλωσεν ότι ο βράχος του Γιβραλτάρ θα παραμείνη αγγλικός.

ΒΑΡΚΕΛΩΝΗ, 31. (Ρόυτερ). Φοιτηταί ελιθοβόλησαν το κτίριον του βρεταννικού προξενείου ζητούντες την επιστροφήν του Γιβραλτάρ.

ΜΙΚΡΑΙ ΕΞΩΤΕΡΙΚΑΙ ΕΙΔΗΣΕΙΣ

— ΚΑΤΕΣΚΑΨΑΝ εις Αλεξάνδρειαν δύο αιγυπτιακά πλοία. — ΑΙ ΗΝΩΜΕΝΑΙ ΠΟΛΙΤΕΙΑΙ συνεχίζουν τας πυρηνικάς δοκιμάς. — ΑΙ ΑΡΧΑΙ της Νιγηρίας συνέλαβον 3 άτομα. — Ο ΚΑΘΗΓΗΤΗΣ Πολ έγινε δεκτός υπό του Πάπα.

— ΚΑΤΕΣΚΑΨΑΝ εις Αλεξάνδρειαν δύο αιγυπτιακά πλοία. — ΑΙ ΗΝΩΜΕΝΑΙ ΠΟΛΙΤΕΙΑΙ συνεχίζουν τας πυρηνικάς δοκιμάς. — ΑΙ ΑΡΧΑΙ της Νιγηρίας συνέλαβον 3 άτομα. — Ο ΚΑΘΗΓΗΤΗΣ Πολ έγινε δεκτός υπό του Πάπα.

— ΚΑΤΕΣΚΑΨΑΝ εις Αλεξάνδρειαν δύο αιγυπτιακά πλοία. — ΑΙ ΗΝΩΜΕΝΑΙ ΠΟΛΙΤΕΙΑΙ συνεχίζουν τας πυρηνικάς δοκιμάς. — ΑΙ ΑΡΧΑΙ της Νιγηρίας συνέλαβον 3 άτομα. — Ο ΚΑΘΗΓΗΤΗΣ Πολ έγινε δεκτός υπό του Πάπα.

— ΚΑΤΕΣΚΑΨΑΝ εις Αλεξάνδρειαν δύο αιγυπτιακά πλοία. — ΑΙ ΗΝΩΜΕΝΑΙ ΠΟΛΙΤΕΙΑΙ συνεχίζουν τας πυρηνικάς δοκιμάς. — ΑΙ ΑΡΧΑΙ της Νιγηρίας συνέλαβον 3 άτομα. — Ο ΚΑΘΗΓΗΤΗΣ Πολ έγινε δεκτός υπό του Πάπα.
